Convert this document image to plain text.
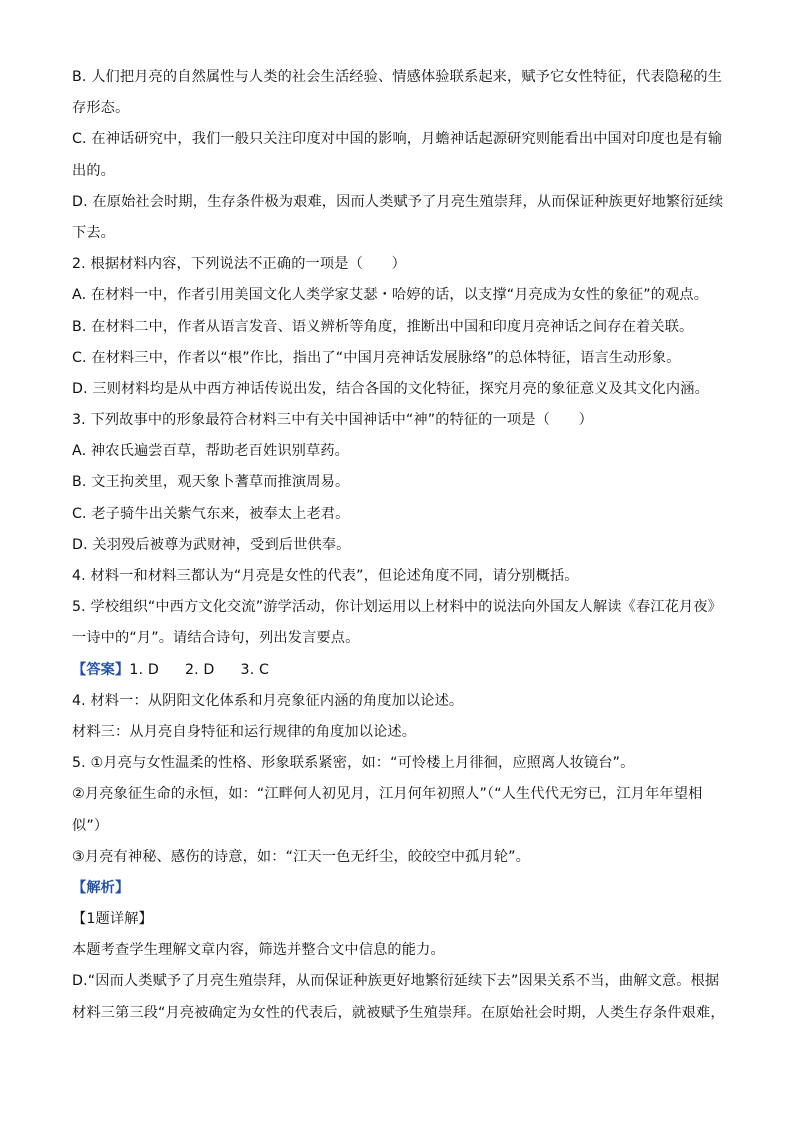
B. 人们把月亮的自然属性与人类的社会生活经验、情感体验联系起来，赋予它女性特征，代表隐秘的生
存形态。
C. 在神话研究中，我们一般只关注印度对中国的影响，月蟾神话起源研究则能看出中国对印度也是有输
出的。
D. 在原始社会时期，生存条件极为艰难，因而人类赋予了月亮生殖崇拜，从而保证种族更好地繁衍延续
下去。
2. 根据材料内容，下列说法不正确的一项是（　　）
A. 在材料一中，作者引用美国文化人类学家艾瑟・哈婷的话，以支撑“月亮成为女性的象征”的观点。
B. 在材料二中，作者从语言发音、语义辨析等角度，推断出中国和印度月亮神话之间存在着关联。
C. 在材料三中，作者以“根”作比，指出了“中国月亮神话发展脉络”的总体特征，语言生动形象。
D. 三则材料均是从中西方神话传说出发，结合各国的文化特征，探究月亮的象征意义及其文化内涵。
3. 下列故事中的形象最符合材料三中有关中国神话中“神”的特征的一项是（　　）
A. 神农氏遍尝百草，帮助老百姓识别草药。
B. 文王拘羑里，观天象卜蓍草而推演周易。
C. 老子骑牛出关紫气东来，被奉太上老君。
D. 关羽殁后被尊为武财神，受到后世供奉。
4. 材料一和材料三都认为“月亮是女性的代表”，但论述角度不同，请分别概括。
5. 学校组织“中西方文化交流”游学活动，你计划运用以上材料中的说法向外国友人解读《春江花月夜》
一诗中的“月”。请结合诗句，列出发言要点。
【答案】1. D 2. D 3. C
4. 材料一：从阴阳文化体系和月亮象征内涵的角度加以论述。
材料三：从月亮自身特征和运行规律的角度加以论述。
5. ①月亮与女性温柔的性格、形象联系紧密，如：“可怜楼上月徘徊，应照离人妆镜台”。
②月亮象征生命的永恒，如：“江畔何人初见月，江月何年初照人”（“人生代代无穷已，江月年年望相
似”）
③月亮有神秘、感伤的诗意，如：“江天一色无纤尘，皎皎空中孤月轮”。
【解析】
【1题详解】
本题考查学生理解文章内容，筛选并整合文中信息的能力。
D.“因而人类赋予了月亮生殖崇拜，从而保证种族更好地繁衍延续下去”因果关系不当，曲解文意。根据
材料三第三段“月亮被确定为女性的代表后，就被赋予生殖崇拜。在原始社会时期，人类生存条件艰难，
